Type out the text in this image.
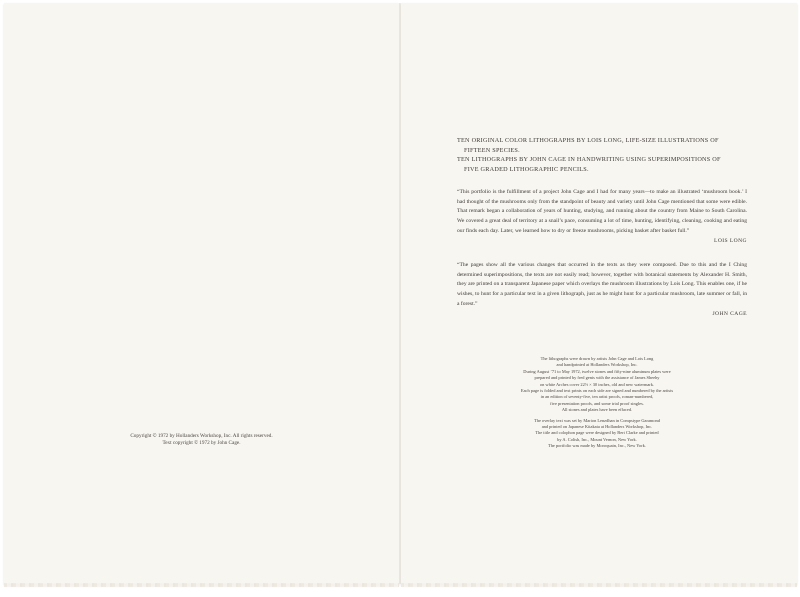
Copyright © 1972 by Hollanders Workshop, Inc. All rights reserved.
Text copyright © 1972 by John Cage.
TEN ORIGINAL COLOR LITHOGRAPHS BY LOIS LONG, LIFE-SIZE ILLUSTRATIONS OF
FIFTEEN SPECIES.
TEN LITHOGRAPHS BY JOHN CAGE IN HANDWRITING USING SUPERIMPOSITIONS OF
FIVE GRADED LITHOGRAPHIC PENCILS.
“This portfolio is the fulfillment of a project John Cage and I had for many years—to make an illustrated ‘mushroom book.’ I had thought of the mushrooms only from the standpoint of beauty and variety until John Cage mentioned that some were edible. That remark began a collaboration of years of hunting, studying, and running about the country from Maine to South Carolina. We covered a great deal of territory at a snail’s pace, consuming a lot of time, hunting, identifying, cleaning, cooking and eating our finds each day. Later, we learned how to dry or freeze mushrooms, picking basket after basket full.”
LOIS LONG
“The pages show all the various changes that occurred in the texts as they were composed. Due to this and the I Ching determined superimpositions, the texts are not easily read; however, together with botanical statements by Alexander H. Smith, they are printed on a transparent Japanese paper which overlays the mushroom illustrations by Lois Long. This enables one, if he wishes, to hunt for a particular text in a given lithograph, just as he might hunt for a particular mushroom, late summer or fall, in a forest.”
JOHN CAGE
The lithographs were drawn by artists John Cage and Lois Long
and handprinted at Hollanders Workshop, Inc.
During August ’71 to May 1972, twelve stones and fifty-nine aluminum plates were
prepared and printed by fred genis with the assistance of James Sheehy
on white Arches cover 22½ × 30 inches, old and new watermark.
Each page is folded and text prints on each side are signed and numbered by the artists
in an edition of seventy-five, ten artist proofs, roman-numbered,
five presentation proofs, and some trial proof singles.
All stones and plates have been effaced.
The overlay text was set by Marion Lenzdhan in Compstype Garamond
and printed on Japanese Kitakata at Hollanders Workshop, Inc.
The title and colophon page were designed by Bert Clarke and printed
by A. Colish, Inc., Mount Vernon, New York.
The portfolio was made by Moroquain, Inc., New York.
